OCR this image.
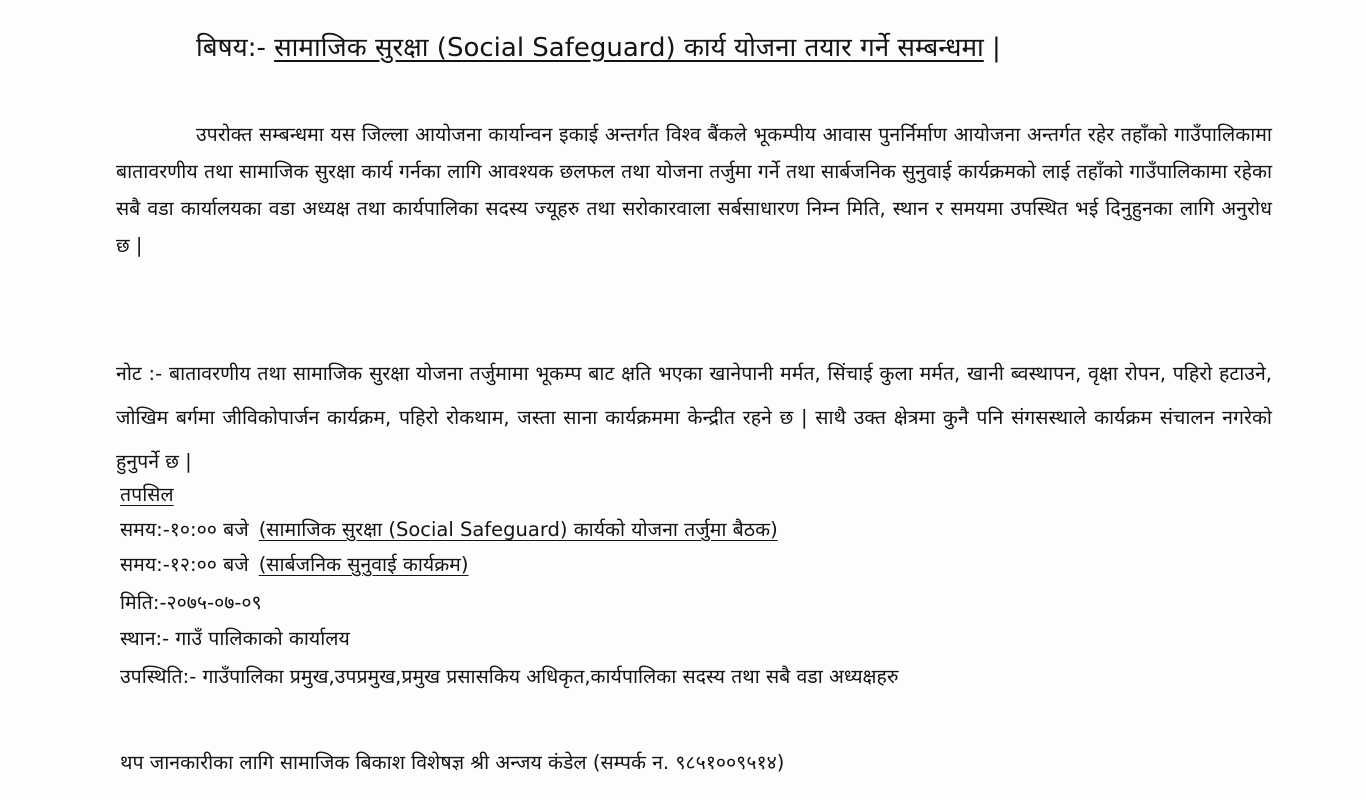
बिषय:- सामाजिक सुरक्षा (Social Safeguard) कार्य योजना तयार गर्ने सम्बन्धमा |
उपरोक्त सम्बन्धमा यस जिल्ला आयोजना कार्यान्वन इकाई अन्तर्गत विश्व बैंकले भूकम्पीय आवास पुनर्निर्माण आयोजना अन्तर्गत रहेर तहाँको गाउँपालिकामा बातावरणीय तथा सामाजिक सुरक्षा कार्य गर्नका लागि आवश्यक छलफल तथा योजना तर्जुमा गर्ने तथा सार्बजनिक सुनुवाई कार्यक्रमको लाई तहाँको गाउँपालिकामा रहेका सबै वडा कार्यालयका वडा अध्यक्ष तथा कार्यपालिका सदस्य ज्यूहरु तथा सरोकारवाला सर्बसाधारण निम्न मिति, स्थान र समयमा उपस्थित भई दिनुहुनका लागि अनुरोध छ |
नोट :- बातावरणीय तथा सामाजिक सुरक्षा योजना तर्जुमामा भूकम्प बाट क्षति भएका खानेपानी मर्मत, सिंचाई कुला मर्मत, खानी ब्वस्थापन, वृक्षा रोपन, पहिरो हटाउने, जोखिम बर्गमा जीविकोपार्जन कार्यक्रम, पहिरो रोकथाम, जस्ता साना कार्यक्रममा केन्द्रीत रहने छ | साथै उक्त क्षेत्रमा कुनै पनि संगसस्थाले कार्यक्रम संचालन नगरेको हुनुपर्ने छ |
तपसिल
समय:-१०:०० बजे (सामाजिक सुरक्षा (Social Safeguard) कार्यको योजना तर्जुमा बैठक)
समय:-१२:०० बजे (सार्बजनिक सुनुवाई कार्यक्रम)
मिति:-२०७५-०७-०९
स्थान:- गाउँ पालिकाको कार्यालय
उपस्थिति:- गाउँपालिका प्रमुख,उपप्रमुख,प्रमुख प्रसासकिय अधिकृत,कार्यपालिका सदस्य तथा सबै वडा अध्यक्षहरु
थप जानकारीका लागि सामाजिक बिकाश विशेषज्ञ श्री अन्जय कंडेल (सम्पर्क न. ९८५१००९५१४)
